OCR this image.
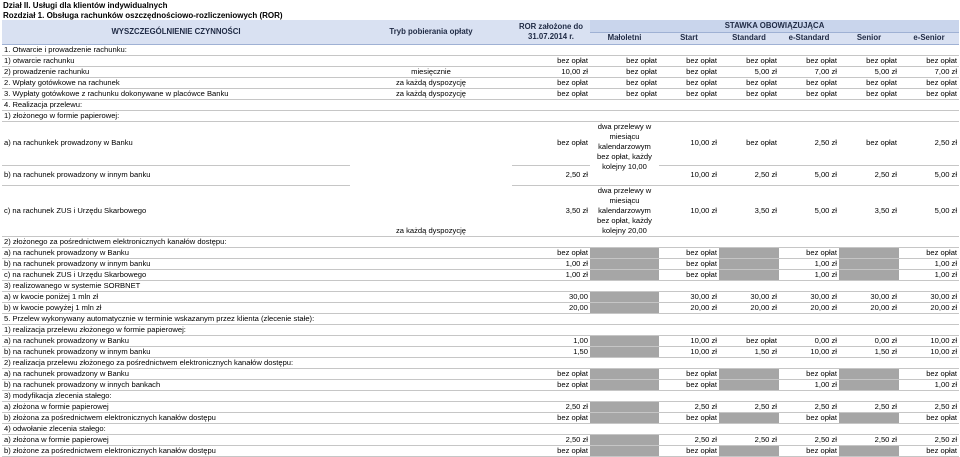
Dział II. Usługi dla klientów indywidualnych
Rozdział 1. Obsługa rachunków oszczędnościowo-rozliczeniowych (ROR)
WYSZCZEGÓLNIENIE CZYNNOŚCI	Tryb pobierania opłaty	ROR założone do 31.07.2014 r.	STAWKA OBOWIĄZUJĄCA					
			Małoletni	Start	Standard	e-Standard	Senior	e-Senior
1. Otwarcie i prowadzenie rachunku:								
1) otwarcie rachunku		bez opłat	bez opłat	bez opłat	bez opłat	bez opłat	bez opłat	bez opłat
2) prowadzenie rachunku	miesięcznie	10,00 zł	bez opłat	bez opłat	5,00 zł	7,00 zł	5,00 zł	7,00 zł
2. Wpłaty gotówkowe na rachunek	za każdą dyspozycję	bez opłat	bez opłat	bez opłat	bez opłat	bez opłat	bez opłat	bez opłat
3. Wypłaty gotówkowe z rachunku dokonywane w placówce Banku	za każdą dyspozycję	bez opłat	bez opłat	bez opłat	bez opłat	bez opłat	bez opłat	bez opłat
4. Realizacja przelewu:								
1) złożonego w formie papierowej:								
a) na rachunkek prowadzony w Banku	za każdą dyspozycję	bez opłat	dwa przelewy w miesiącu kalendarzowym bez opłat, każdy kolejny 10,00	10,00 zł	bez opłat	2,50 zł	bez opłat	2,50 zł
b) na rachunek prowadzony w innym banku		2,50 zł		10,00 zł	2,50 zł	5,00 zł	2,50 zł	5,00 zł
c) na rachunek ZUS i Urzędu Skarbowego		3,50 zł	dwa przelewy w miesiącu kalendarzowym bez opłat, każdy kolejny 20,00	10,00 zł	3,50 zł	5,00 zł	3,50 zł	5,00 zł
2) złożonego za pośrednictwem elektronicznych kanałów dostępu:								
a) na rachunek prowadzony w Banku		bez opłat		bez opłat		bez opłat		bez opłat
b) na rachunek prowadzony w innym banku		1,00 zł		bez opłat		1,00 zł		1,00 zł
c) na rachunek ZUS i Urzędu Skarbowego		1,00 zł		bez opłat		1,00 zł		1,00 zł
3) realizowanego w systemie SORBNET								
a) w kwocie poniżej 1 mln zł		30,00		30,00 zł	30,00 zł	30,00 zł	30,00 zł	30,00 zł
b) w kwocie powyżej 1 mln zł		20,00		20,00 zł	20,00 zł	20,00 zł	20,00 zł	20,00 zł
5. Przelew wykonywany automatycznie w terminie wskazanym przez klienta (zlecenie stałe):								
1) realizacja przelewu złożonego w formie papierowej:								
a) na rachunek prowadzony w Banku		1,00		10,00 zł	bez opłat	0,00 zł	0,00 zł	10,00 zł
b) na rachunek prowadzony w innym banku		1,50		10,00 zł	1,50 zł	10,00 zł	1,50 zł	10,00 zł
2) realizacja przelewu złożonego za pośrednictwem elektronicznych kanałów dostępu:								
a) na rachunek prowadzony w Banku		bez opłat		bez opłat		bez opłat		bez opłat
b) na rachunek prowadzony w innych bankach		bez opłat		bez opłat		1,00 zł		1,00 zł
3) modyfikacja zlecenia stałego:								
a) złożona w formie papierowej		2,50 zł		2,50 zł	2,50 zł	2,50 zł	2,50 zł	2,50 zł
b) złożona za pośrednictwem elektronicznych kanałów dostępu		bez opłat		bez opłat		bez opłat		bez opłat
4) odwołanie zlecenia stałego:								
a) złożona w formie papierowej		2,50 zł		2,50 zł	2,50 zł	2,50 zł	2,50 zł	2,50 zł
b) złożone za pośrednictwem elektronicznych kanałów dostępu		bez opłat		bez opłat		bez opłat		bez opłat
